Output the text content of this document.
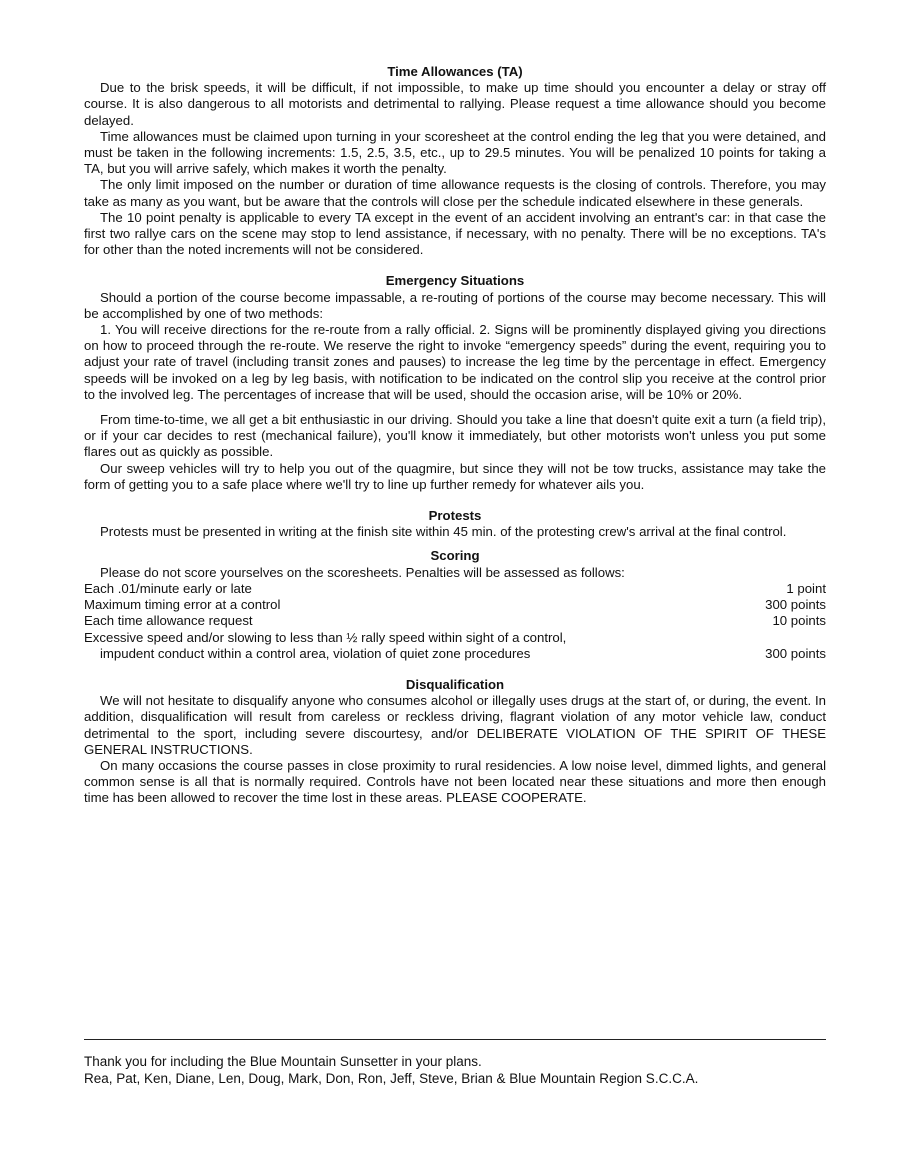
Time Allowances (TA)

Due to the brisk speeds, it will be difficult, if not impossible, to make up time should you encounter a delay or stray off course. It is also dangerous to all motorists and detrimental to rallying. Please request a time allowance should you become delayed.

Time allowances must be claimed upon turning in your scoresheet at the control ending the leg that you were detained, and must be taken in the following increments: 1.5, 2.5, 3.5, etc., up to 29.5 minutes. You will be penalized 10 points for taking a TA, but you will arrive safely, which makes it worth the penalty.

The only limit imposed on the number or duration of time allowance requests is the closing of controls. Therefore, you may take as many as you want, but be aware that the controls will close per the schedule indicated elsewhere in these generals.

The 10 point penalty is applicable to every TA except in the event of an accident involving an entrant's car: in that case the first two rallye cars on the scene may stop to lend assistance, if necessary, with no penalty. There will be no exceptions. TA's for other than the noted increments will not be considered.

Emergency Situations

Should a portion of the course become impassable, a re-routing of portions of the course may become necessary. This will be accomplished by one of two methods:

1. You will receive directions for the re-route from a rally official. 2. Signs will be prominently displayed giving you directions on how to proceed through the re-route. We reserve the right to invoke “emergency speeds” during the event, requiring you to adjust your rate of travel (including transit zones and pauses) to increase the leg time by the percentage in effect. Emergency speeds will be invoked on a leg by leg basis, with notification to be indicated on the control slip you receive at the control prior to the involved leg. The percentages of increase that will be used, should the occasion arise, will be 10% or 20%.

From time-to-time, we all get a bit enthusiastic in our driving. Should you take a line that doesn't quite exit a turn (a field trip), or if your car decides to rest (mechanical failure), you'll know it immediately, but other motorists won't unless you put some flares out as quickly as possible.

Our sweep vehicles will try to help you out of the quagmire, but since they will not be tow trucks, assistance may take the form of getting you to a safe place where we'll try to line up further remedy for whatever ails you.

Protests

Protests must be presented in writing at the finish site within 45 min. of the protesting crew's arrival at the final control.

Scoring

Please do not score yourselves on the scoresheets. Penalties will be assessed as follows:

Each .01/minute early or late	1 point
Maximum timing error at a control	300 points
Each time allowance request	10 points
Excessive speed and/or slowing to less than ½ rally speed within sight of a control,
impudent conduct within a control area, violation of quiet zone procedures	300 points
Disqualification

We will not hesitate to disqualify anyone who consumes alcohol or illegally uses drugs at the start of, or during, the event. In addition, disqualification will result from careless or reckless driving, flagrant violation of any motor vehicle law, conduct detrimental to the sport, including severe discourtesy, and/or DELIBERATE VIOLATION OF THE SPIRIT OF THESE GENERAL INSTRUCTIONS.

On many occasions the course passes in close proximity to rural residencies. A low noise level, dimmed lights, and general common sense is all that is normally required. Controls have not been located near these situations and more then enough time has been allowed to recover the time lost in these areas. PLEASE COOPERATE.

Thank you for including the Blue Mountain Sunsetter in your plans.

Rea, Pat, Ken, Diane, Len, Doug, Mark, Don, Ron, Jeff, Steve, Brian & Blue Mountain Region S.C.C.A.
